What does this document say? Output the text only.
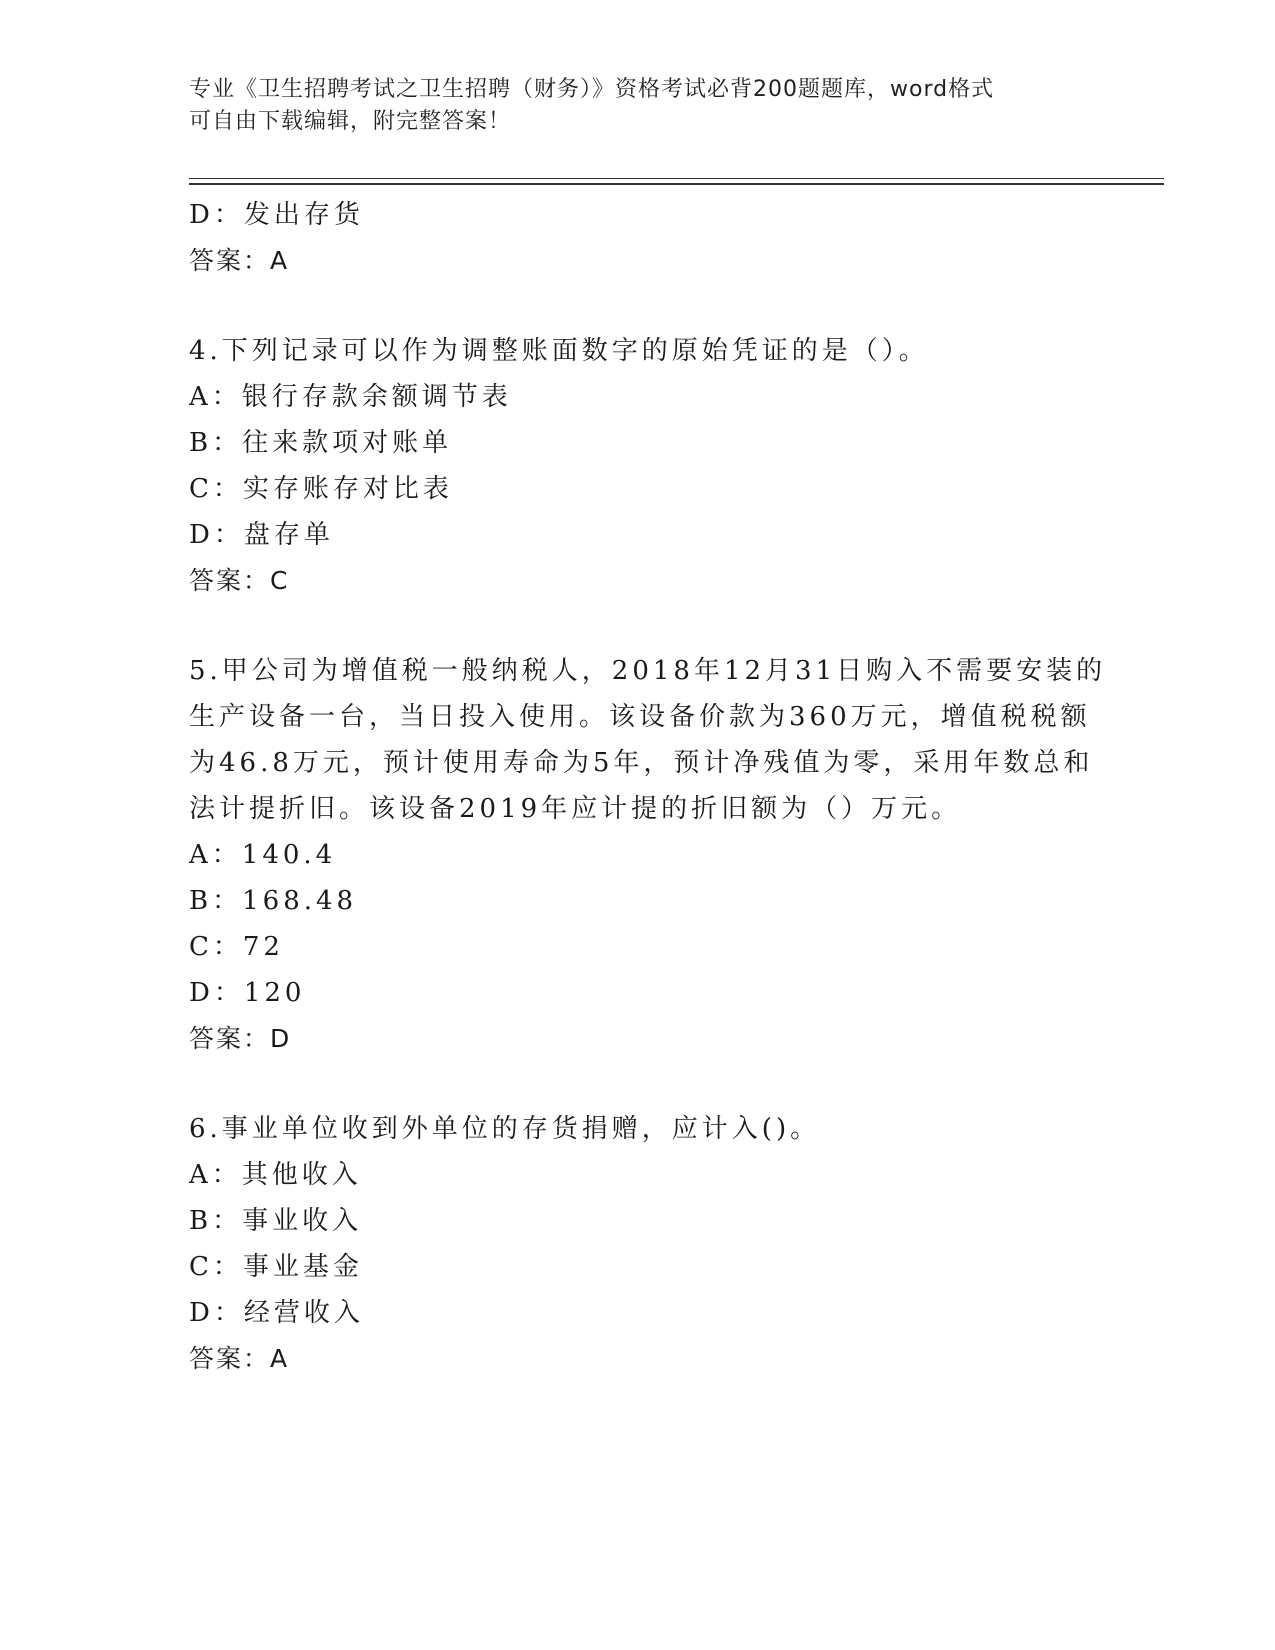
专业《卫生招聘考试之卫生招聘（财务）》资格考试必背200题题库，word格式
可自由下载编辑，附完整答案！
D：发出存货
答案：A
4.下列记录可以作为调整账面数字的原始凭证的是（）。
A：银行存款余额调节表
B：往来款项对账单
C：实存账存对比表
D：盘存单
答案：C
5.甲公司为增值税一般纳税人，2018年12月31日购入不需要安装的
生产设备一台，当日投入使用。该设备价款为360万元，增值税税额
为46.8万元，预计使用寿命为5年，预计净残值为零，采用年数总和
法计提折旧。该设备2019年应计提的折旧额为（）万元。
A：140.4
B：168.48
C：72
D：120
答案：D
6.事业单位收到外单位的存货捐赠，应计入()。
A：其他收入
B：事业收入
C：事业基金
D：经营收入
答案：A
